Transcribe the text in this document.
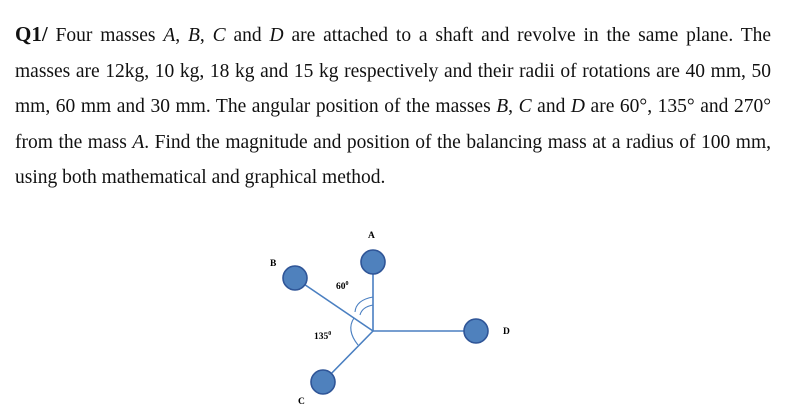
Q1/ Four masses A, B, C and D are attached to a shaft and revolve in the same plane. The masses are 12kg, 10 kg, 18 kg and 15 kg respectively and their radii of rotations are 40 mm, 50 mm, 60 mm and 30 mm. The angular position of the masses B, C and D are 60°, 135° and 270° from the mass A. Find the magnitude and position of the balancing mass at a radius of 100 mm, using both mathematical and graphical method.

A
B
C
D
$60^0$
$135^0$
